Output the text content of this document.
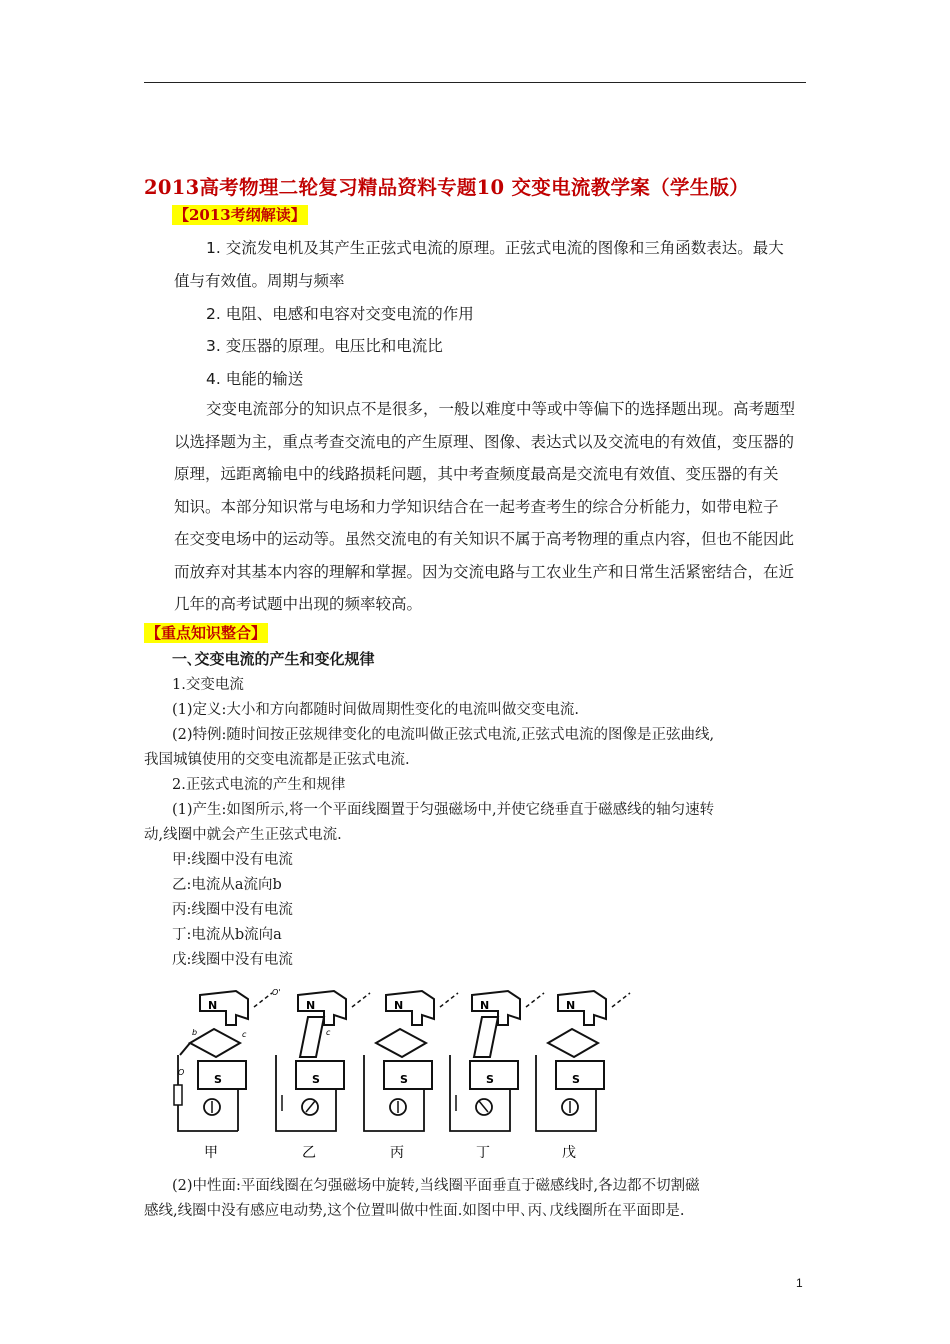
2013高考物理二轮复习精品资料专题10 交变电流教学案（学生版）
【2013考纲解读】
1. 交流发电机及其产生正弦式电流的原理。正弦式电流的图像和三角函数表达。最大
值与有效值。周期与频率
2. 电阻、电感和电容对交变电流的作用
3. 变压器的原理。电压比和电流比
4. 电能的输送
交变电流部分的知识点不是很多，一般以难度中等或中等偏下的选择题出现。高考题型
以选择题为主，重点考查交流电的产生原理、图像、表达式以及交流电的有效值，变压器的
原理，远距离输电中的线路损耗问题，其中考查频度最高是交流电有效值、变压器的有关
知识。本部分知识常与电场和力学知识结合在一起考查考生的综合分析能力，如带电粒子
在交变电场中的运动等。虽然交流电的有关知识不属于高考物理的重点内容，但也不能因此
而放弃对其基本内容的理解和掌握。因为交流电路与工农业生产和日常生活紧密结合，在近
几年的高考试题中出现的频率较高。
【重点知识整合】
一､交变电流的产生和变化规律
1.交变电流
(1)定义:大小和方向都随时间做周期性变化的电流叫做交变电流.
(2)特例:随时间按正弦规律变化的电流叫做正弦式电流,正弦式电流的图像是正弦曲线,
我国城镇使用的交变电流都是正弦式电流.
2.正弦式电流的产生和规律
(1)产生:如图所示,将一个平面线圈置于匀强磁场中,并使它绕垂直于磁感线的轴匀速转
动,线圈中就会产生正弦式电流.
甲:线圈中没有电流
乙:电流从a流向b
丙:线圈中没有电流
丁:电流从b流向a
戊:线圈中没有电流
N
O'
b	c
S
O
甲
N
c
S
乙
N
S
丙
N
S
丁
N
S
戊
(2)中性面:平面线圈在匀强磁场中旋转,当线圈平面垂直于磁感线时,各边都不切割磁
感线,线圈中没有感应电动势,这个位置叫做中性面.如图中甲､丙､戊线圈所在平面即是.
1
